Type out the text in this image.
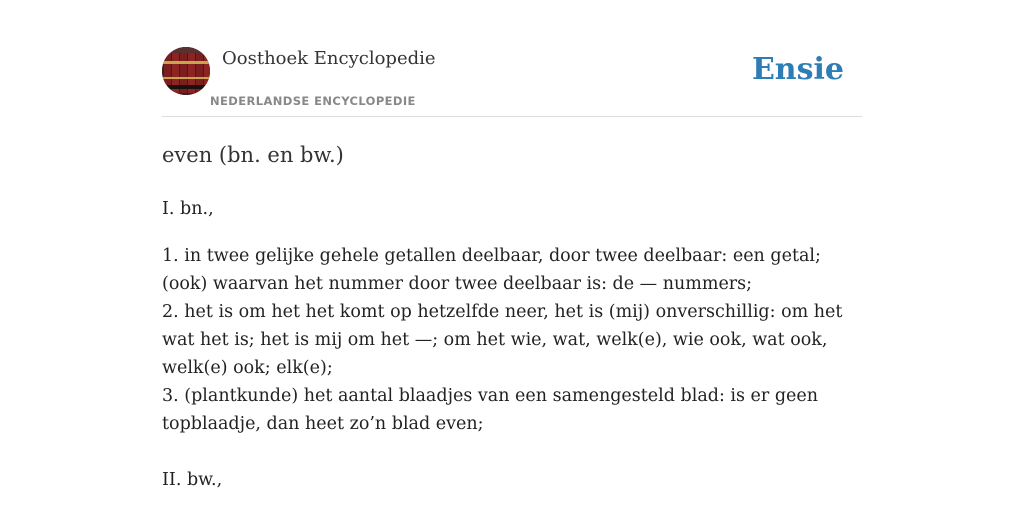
Oosthoek Encyclopedie
NEDERLANDSE ENCYCLOPEDIE
Ensie
even (bn. en bw.)

I. bn.,

1. in twee gelijke gehele getallen deelbaar, door twee deelbaar: een getal; (ook) waarvan het nummer door twee deelbaar is: de — nummers;
2. het is om het het komt op hetzelfde neer, het is (mij) onverschillig: om het wat het is; het is mij om het —; om het wie, wat, welk(e), wie ook, wat ook, welk(e) ook; elk(e);
3. (plantkunde) het aantal blaadjes van een samengesteld blad: is er geen topblaadje, dan heet zo’n blad even;

II. bw.,
